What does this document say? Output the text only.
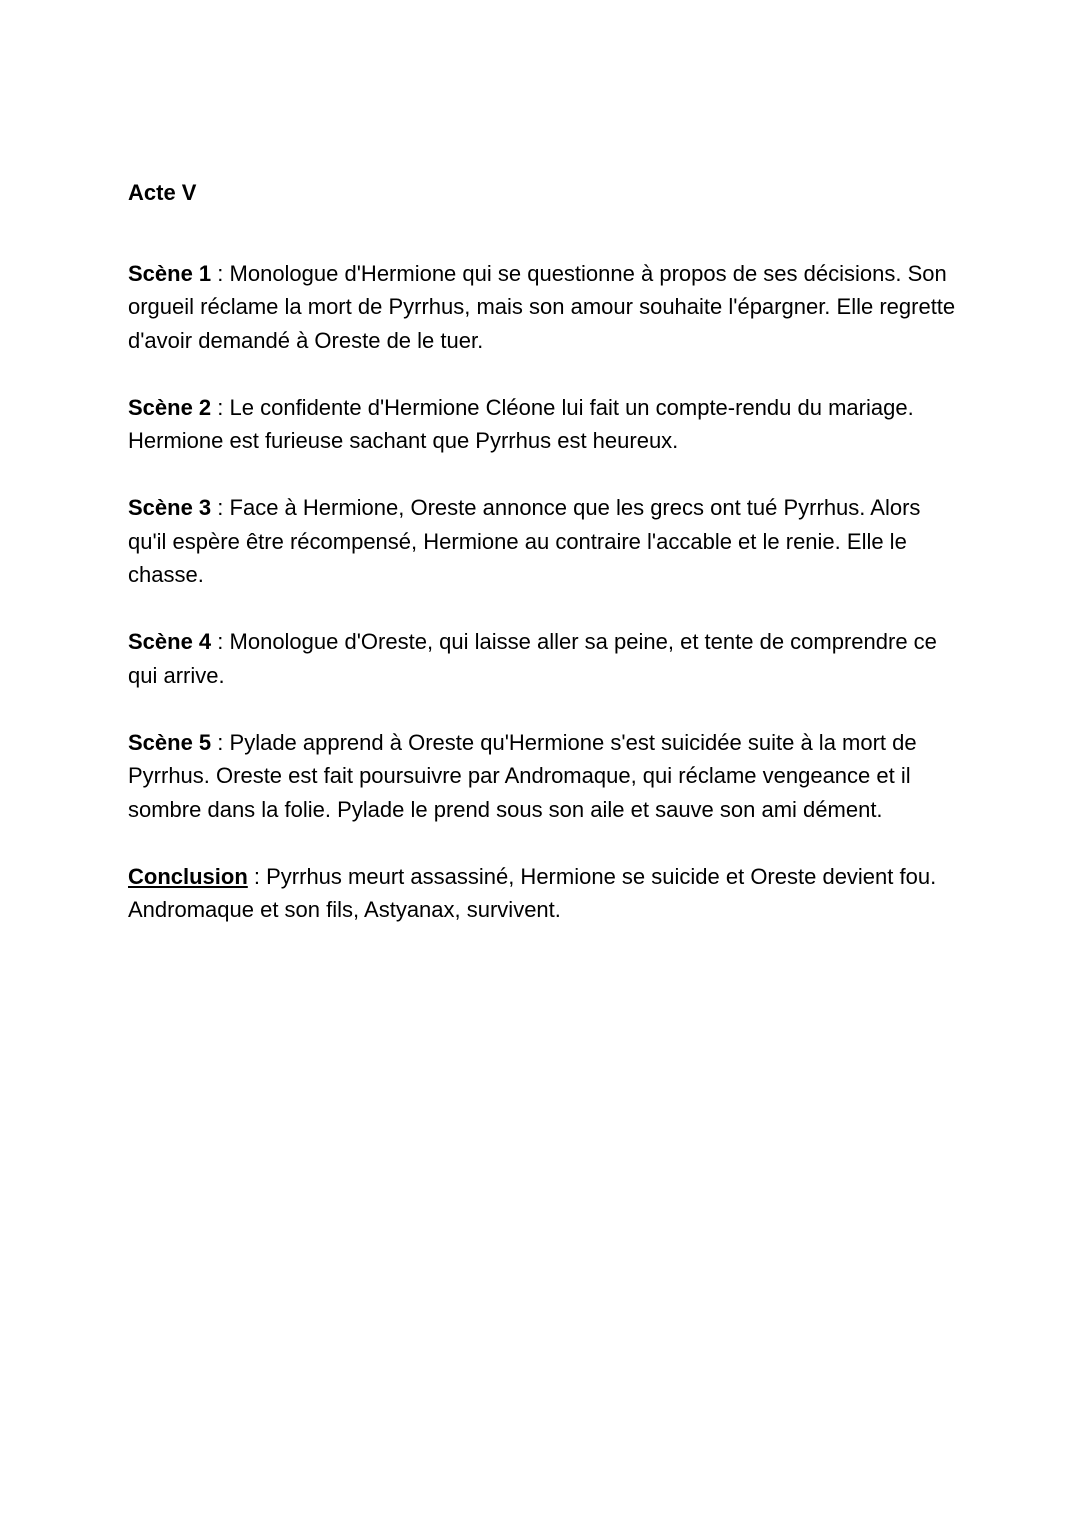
Acte V

Scène 1 : Monologue d'Hermione qui se questionne à propos de ses décisions. Son orgueil réclame la mort de Pyrrhus, mais son amour souhaite l'épargner. Elle regrette d'avoir demandé à Oreste de le tuer.

Scène 2 : Le confidente d'Hermione Cléone lui fait un compte-rendu du mariage. Hermione est furieuse sachant que Pyrrhus est heureux.

Scène 3 : Face à Hermione, Oreste annonce que les grecs ont tué Pyrrhus. Alors qu'il espère être récompensé, Hermione au contraire l'accable et le renie. Elle le chasse.

Scène 4 : Monologue d'Oreste, qui laisse aller sa peine, et tente de comprendre ce qui arrive.

Scène 5 : Pylade apprend à Oreste qu'Hermione s'est suicidée suite à la mort de Pyrrhus. Oreste est fait poursuivre par Andromaque, qui réclame vengeance et il sombre dans la folie. Pylade le prend sous son aile et sauve son ami dément.

Conclusion : Pyrrhus meurt assassiné, Hermione se suicide et Oreste devient fou. Andromaque et son fils, Astyanax, survivent.
